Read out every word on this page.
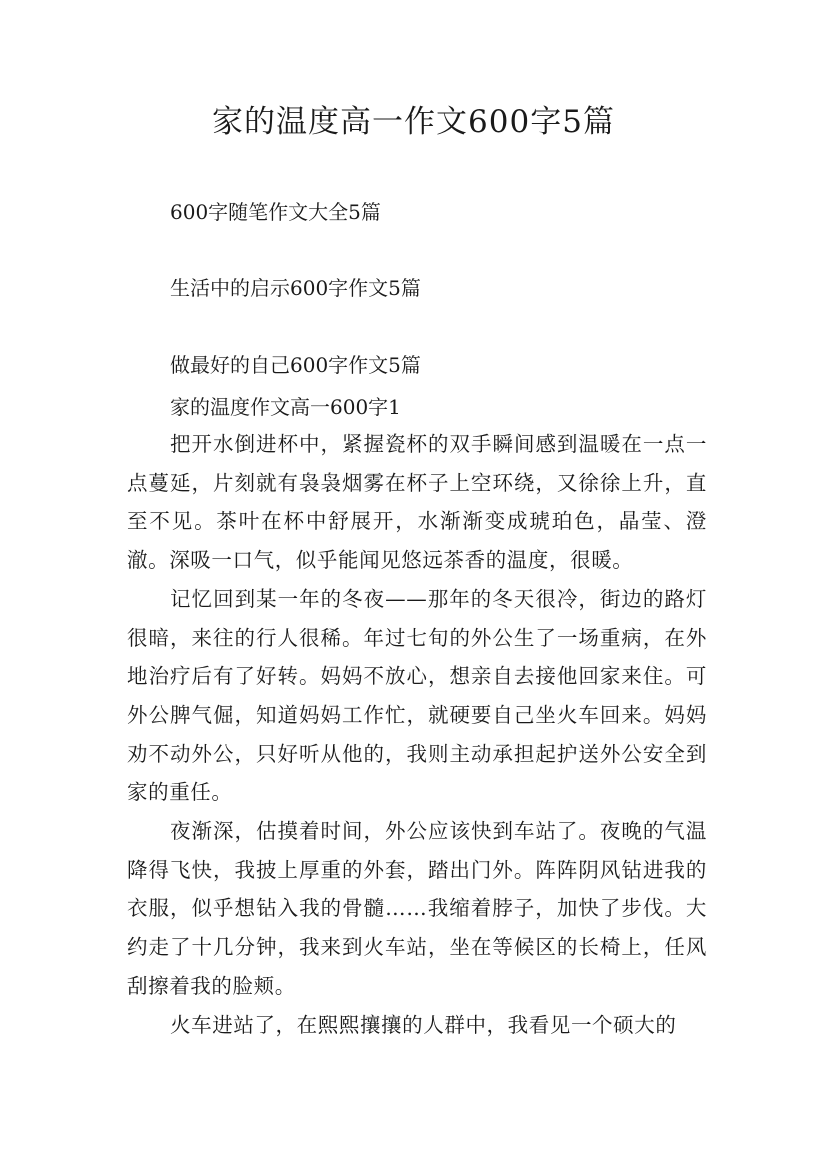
家的温度高一作文600字5篇

600字随笔作文大全5篇

生活中的启示600字作文5篇

做最好的自己600字作文5篇

家的温度作文高一600字1

把开水倒进杯中，紧握瓷杯的双手瞬间感到温暖在一点一点蔓延，片刻就有袅袅烟雾在杯子上空环绕，又徐徐上升，直至不见。茶叶在杯中舒展开，水渐渐变成琥珀色，晶莹、澄澈。深吸一口气，似乎能闻见悠远茶香的温度，很暖。

记忆回到某一年的冬夜——那年的冬天很冷，街边的路灯很暗，来往的行人很稀。年过七旬的外公生了一场重病，在外地治疗后有了好转。妈妈不放心，想亲自去接他回家来住。可外公脾气倔，知道妈妈工作忙，就硬要自己坐火车回来。妈妈劝不动外公，只好听从他的，我则主动承担起护送外公安全到家的重任。

夜渐深，估摸着时间，外公应该快到车站了。夜晚的气温降得飞快，我披上厚重的外套，踏出门外。阵阵阴风钻进我的衣服，似乎想钻入我的骨髓……我缩着脖子，加快了步伐。大约走了十几分钟，我来到火车站，坐在等候区的长椅上，任风刮擦着我的脸颊。

火车进站了，在熙熙攘攘的人群中，我看见一个硕大的
